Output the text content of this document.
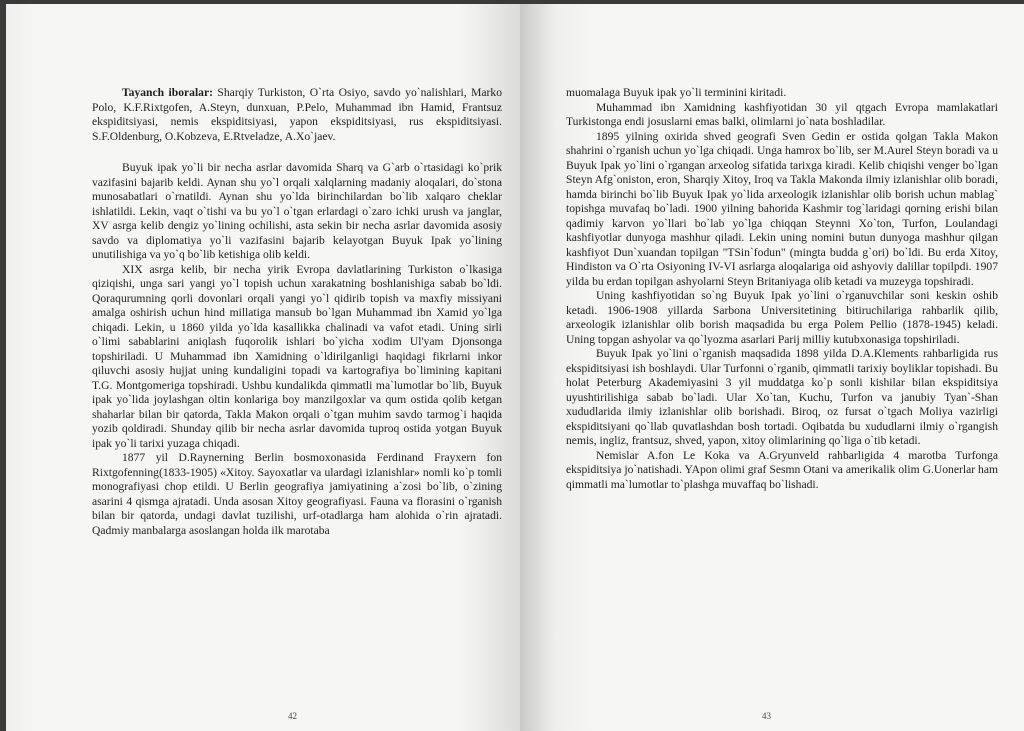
Tayanch iboralar: Sharqiy Turkiston, O`rta Osiyo, savdo yo`nalishlari, Marko Polo, K.F.Rixtgofen, A.Steyn, dunxuan, P.Pelo, Muhammad ibn Hamid, Frantsuz ekspiditsiyasi, nemis ekspiditsiyasi, yapon ekspiditsiyasi, rus ekspiditsiyasi. S.F.Oldenburg, O.Kobzeva, E.Rtveladze, A.Xo`jaev.

Buyuk ipak yo`li bir necha asrlar davomida Sharq va G`arb o`rtasidagi ko`prik vazifasini bajarib keldi. Aynan shu yo`l orqali xalqlarning madaniy aloqalari, do`stona munosabatlari o`rnatildi. Aynan shu yo`lda birinchilardan bo`lib xalqaro cheklar ishlatildi. Lekin, vaqt o`tishi va bu yo`l o`tgan erlardagi o`zaro ichki urush va janglar, XV asrga kelib dengiz yo`lining ochilishi, asta sekin bir necha asrlar davomida asosiy savdo va diplomatiya yo`li vazifasini bajarib kelayotgan Buyuk Ipak yo`lining unutilishiga va yo`q bo`lib ketishiga olib keldi.

XIX asrga kelib, bir necha yirik Evropa davlatlarining Turkiston o`lkasiga qiziqishi, unga sari yangi yo`l topish uchun xarakatning boshlanishiga sabab bo`ldi. Qoraqurumning qorli dovonlari orqali yangi yo`l qidirib topish va maxfiy missiyani amalga oshirish uchun hind millatiga mansub bo`lgan Muhammad ibn Xamid yo`lga chiqadi. Lekin, u 1860 yilda yo`lda kasallikka chalinadi va vafot etadi. Uning sirli o`limi sabablarini aniqlash fuqorolik ishlari bo`yicha xodim Ul'yam Djonsonga topshiriladi. U Muhammad ibn Xamidning o`ldirilganligi haqidagi fikrlarni inkor qiluvchi asosiy hujjat uning kundaligini topadi va kartografiya bo`limining kapitani T.G. Montgomeriga topshiradi. Ushbu kundalikda qimmatli ma`lumotlar bo`lib, Buyuk ipak yo`lida joylashgan oltin konlariga boy manzilgoxlar va qum ostida qolib ketgan shaharlar bilan bir qatorda, Takla Makon orqali o`tgan muhim savdo tarmog`i haqida yozib qoldiradi. Shunday qilib bir necha asrlar davomida tuproq ostida yotgan Buyuk ipak yo`li tarixi yuzaga chiqadi.

1877 yil D.Raynerning Berlin bosmoxonasida Ferdinand Frayxern fon Rixtgofenning(1833-1905) «Xitoy. Sayoxatlar va ulardagi izlanishlar» nomli ko`p tomli monografiyasi chop etildi. U Berlin geografiya jamiyatining a`zosi bo`lib, o`zining asarini 4 qismga ajratadi. Unda asosan Xitoy geografiyasi. Fauna va florasini o`rganish bilan bir qatorda, undagi davlat tuzilishi, urf-otadlarga ham alohida o`rin ajratadi. Qadmiy manbalarga asoslangan holda ilk marotaba

42

muomalaga Buyuk ipak yo`li terminini kiritadi.

Muhammad ibn Xamidning kashfiyotidan 30 yil qtgach Evropa mamlakatlari Turkistonga endi josuslarni emas balki, olimlarni jo`nata boshladilar.

1895 yilning oxirida shved geografi Sven Gedin er ostida qolgan Takla Makon shahrini o`rganish uchun yo`lga chiqadi. Unga hamrox bo`lib, ser M.Aurel Steyn boradi va u Buyuk Ipak yo`lini o`rgangan arxeolog sifatida tarixga kiradi. Kelib chiqishi venger bo`lgan Steyn Afg`oniston, eron, Sharqiy Xitoy, Iroq va Takla Makonda ilmiy izlanishlar olib boradi, hamda birinchi bo`lib Buyuk Ipak yo`lida arxeologik izlanishlar olib borish uchun mablag` topishga muvafaq bo`ladi. 1900 yilning bahorida Kashmir tog`laridagi qorning erishi bilan qadimiy karvon yo`llari bo`lab yo`lga chiqqan Steynni Xo`ton, Turfon, Loulandagi kashfiyotlar dunyoga mashhur qiladi. Lekin uning nomini butun dunyoga mashhur qilgan kashfiyot Dun`xuandan topilgan "TSin`fodun" (mingta budda g`ori) bo`ldi. Bu erda Xitoy, Hindiston va O`rta Osiyoning IV-VI asrlarga aloqalariga oid ashyoviy dalillar topilpdi. 1907 yilda bu erdan topilgan ashyolarni Steyn Britaniyaga olib ketadi va muzeyga topshiradi.

Uning kashfiyotidan so`ng Buyuk Ipak yo`lini o`rganuvchilar soni keskin oshib ketadi. 1906-1908 yillarda Sarbona Universitetining bitiruchilariga rahbarlik qilib, arxeologik izlanishlar olib borish maqsadida bu erga Polem Pellio (1878-1945) keladi. Uning topgan ashyolar va qo`lyozma asarlari Parij milliy kutubxonasiga topshiriladi.

Buyuk Ipak yo`lini o`rganish maqsadida 1898 yilda D.A.Klements rahbarligida rus ekspiditsiyasi ish boshlaydi. Ular Turfonni o`rganib, qimmatli tarixiy boyliklar topishadi. Bu holat Peterburg Akademiyasini 3 yil muddatga ko`p sonli kishilar bilan ekspiditsiya uyushtirilishiga sabab bo`ladi. Ular Xo`tan, Kuchu, Turfon va janubiy Tyan`-Shan xududlarida ilmiy izlanishlar olib borishadi. Biroq, oz fursat o`tgach Moliya vazirligi ekspiditsiyani qo`llab quvatlashdan bosh tortadi. Oqibatda bu xududlarni ilmiy o`rgangish nemis, ingliz, frantsuz, shved, yapon, xitoy olimlarining qo`liga o`tib ketadi.

Nemislar A.fon Le Koka va A.Gryunveld rahbarligida 4 marotba Turfonga ekspiditsiya jo`natishadi. YApon olimi graf Sesmn Otani va amerikalik olim G.Uonerlar ham qimmatli ma`lumotlar to`plashga muvaffaq bo`lishadi.

43
